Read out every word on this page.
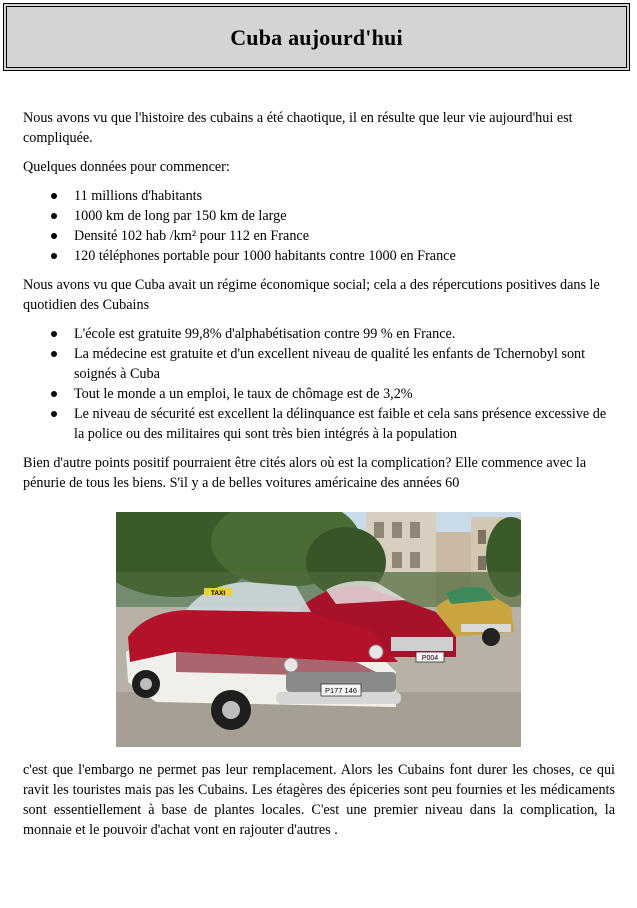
Cuba aujourd'hui

Nous avons vu que l'histoire des cubains a été chaotique, il en résulte que leur vie aujourd'hui est compliquée.

Quelques données pour commencer:

11 millions d'habitants
1000 km de long par 150 km de large
Densité 102 hab /km² pour 112 en France
120 téléphones portable pour 1000 habitants contre 1000 en France

Nous avons vu que Cuba avait un régime économique social; cela a des répercutions positives dans le quotidien des Cubains

L'école est gratuite 99,8% d'alphabétisation contre 99 % en France.
La médecine est gratuite et d'un excellent niveau de qualité les enfants de Tchernobyl sont soignés à Cuba
Tout le monde a un emploi, le taux de chômage est de 3,2%
Le niveau de sécurité est excellent la délinquance est faible et cela sans présence excessive de la police ou des militaires qui sont très bien intégrés à la population

Bien d'autre points positif pourraient être cités alors où est la complication? Elle commence avec la pénurie de tous les biens. S'il y a de belles voitures américaine des années 60

P004
TAXI
P177 146

c'est que l'embargo ne permet pas leur remplacement. Alors les Cubains font durer les choses, ce qui ravit les touristes mais pas les Cubains. Les étagères des épiceries sont peu fournies et les médicaments sont essentiellement à base de plantes locales. C'est une premier niveau dans la complication, la monnaie et le pouvoir d'achat vont en rajouter d'autres .
